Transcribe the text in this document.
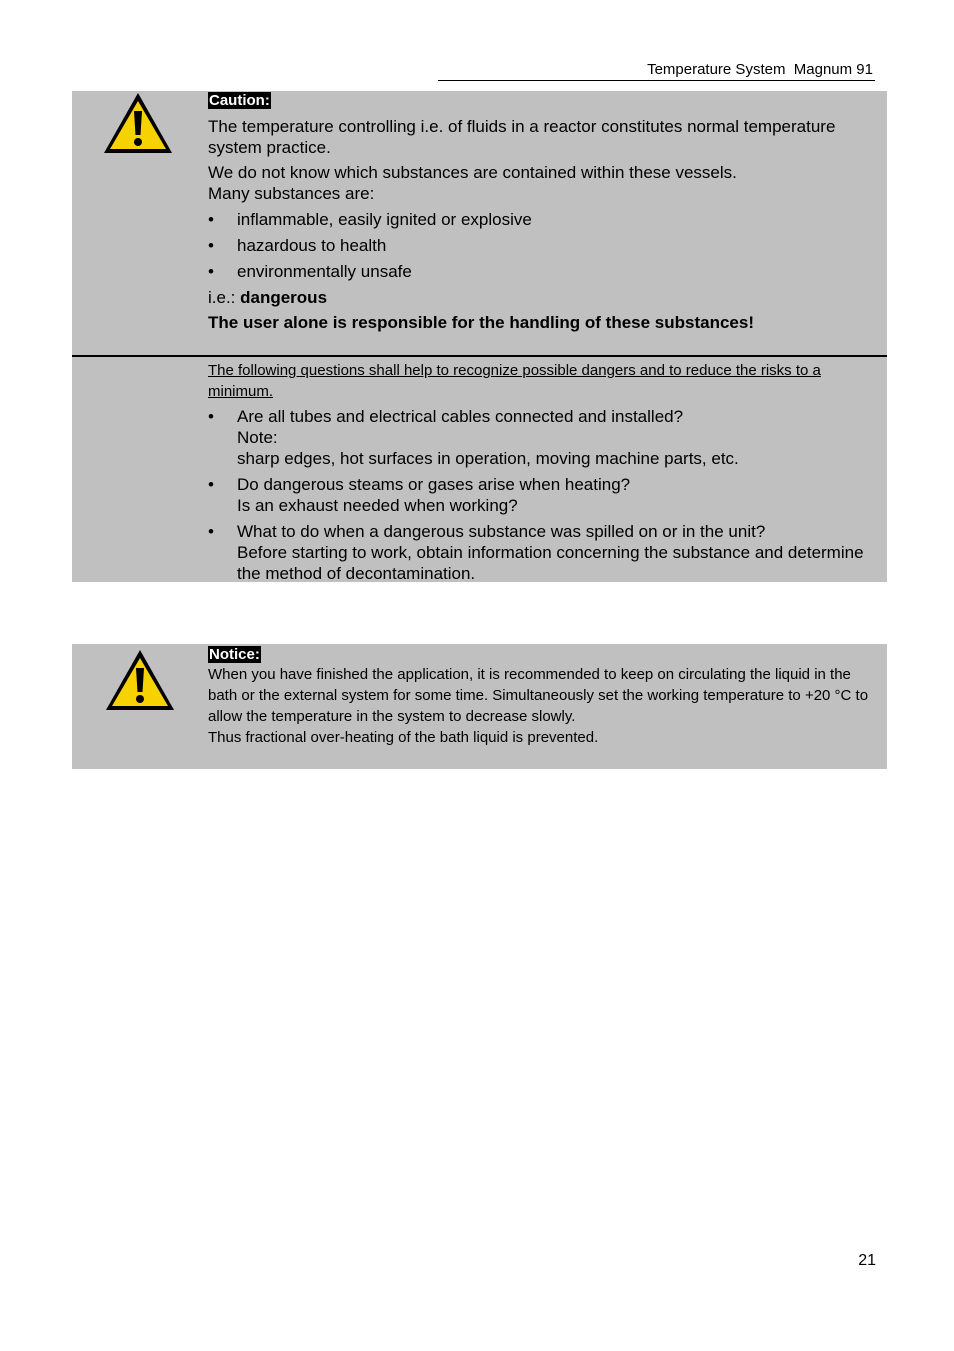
Temperature System  Magnum 91
Caution:

The temperature controlling i.e. of fluids in a reactor constitutes normal temperature system practice.

We do not know which substances are contained within these vessels.

Many substances are:

• inflammable, easily ignited or explosive
• hazardous to health
• environmentally unsafe

i.e.: dangerous

The user alone is responsible for the handling of these substances!

The following questions shall help to recognize possible dangers and to reduce the risks to a minimum.
• Are all tubes and electrical cables connected and installed?
Note:
sharp edges, hot surfaces in operation, moving machine parts, etc.
• Do dangerous steams or gases arise when heating?
Is an exhaust needed when working?
• What to do when a dangerous substance was spilled on or in the unit?
Before starting to work, obtain information concerning the substance and determine the method of decontamination.
Notice:

When you have finished the application, it is recommended to keep on circulating the liquid in the bath or the external system for some time. Simultaneously set the working temperature to +20 °C to allow the temperature in the system to decrease slowly.

Thus fractional over-heating of the bath liquid is prevented.

21
